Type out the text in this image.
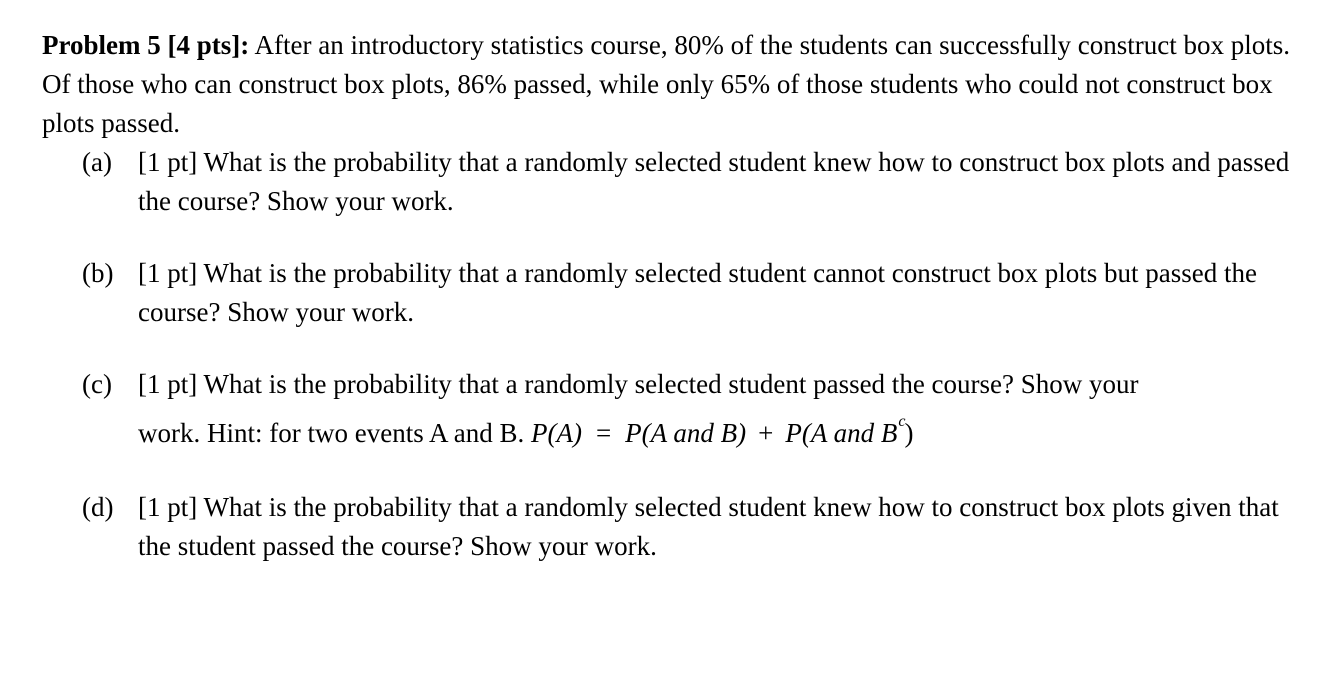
Problem 5 [4 pts]: After an introductory statistics course, 80% of the students can successfully construct box plots. Of those who can construct box plots, 86% passed, while only 65% of those students who could not construct box plots passed.

(a) [1 pt] What is the probability that a randomly selected student knew how to construct box plots and passed the course? Show your work.

(b) [1 pt] What is the probability that a randomly selected student cannot construct box plots but passed the course? Show your work.

(c) [1 pt] What is the probability that a randomly selected student passed the course? Show your

work. Hint: for two events A and B. P(A) = P(A and B) + P(A and $B^c$)

(d) [1 pt] What is the probability that a randomly selected student knew how to construct box plots given that the student passed the course? Show your work.
